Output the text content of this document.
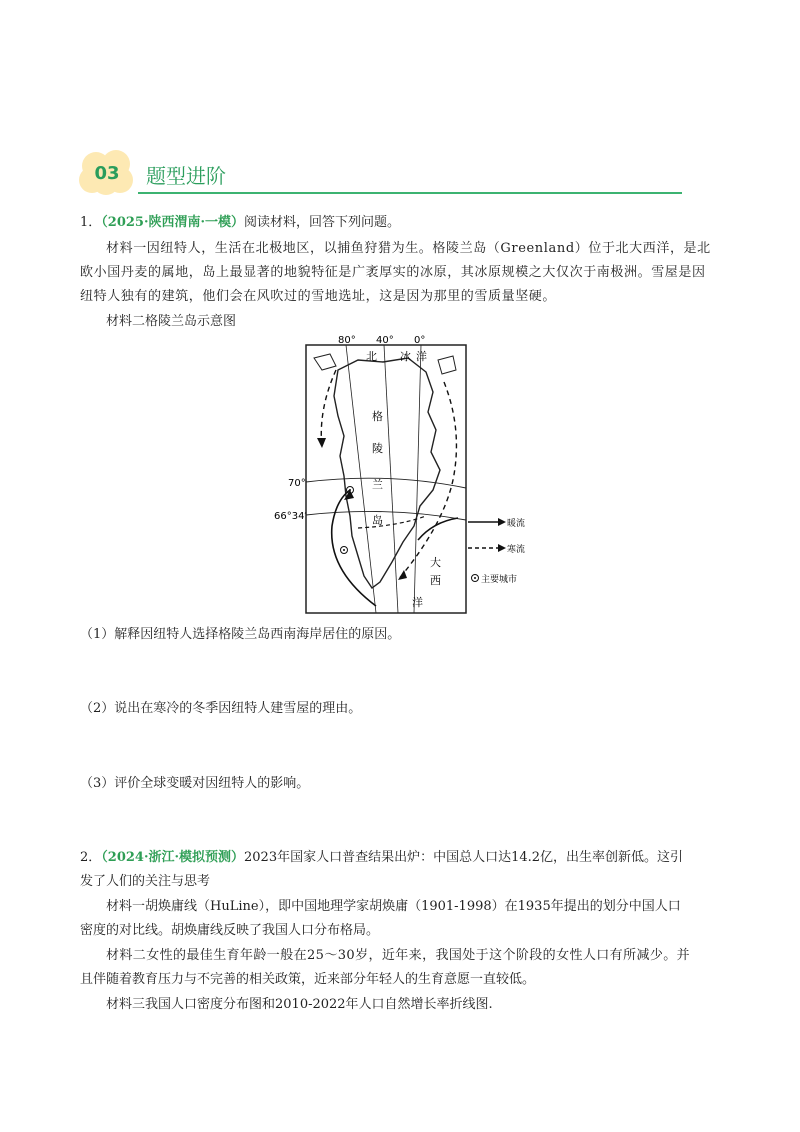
03	题型进阶
1．（2025·陕西渭南·一模）阅读材料，回答下列问题。
材料一因纽特人，生活在北极地区，以捕鱼狩猎为生。格陵兰岛（Greenland）位于北大西洋，是北
欧小国丹麦的属地，岛上最显著的地貌特征是广袤厚实的冰原，其冰原规模之大仅次于南极洲。雪屋是因
纽特人独有的建筑，他们会在风吹过的雪地选址，这是因为那里的雪质量坚硬。
材料二格陵兰岛示意图
80° 40° 0°
北 冰 洋
70°
66°34′
格
陵
兰
岛
大
西
洋
暖流
寒流
主要城市
（1）解释因纽特人选择格陵兰岛西南海岸居住的原因。
（2）说出在寒冷的冬季因纽特人建雪屋的理由。
（3）评价全球变暖对因纽特人的影响。
2．（2024·浙江·模拟预测）2023年国家人口普查结果出炉：中国总人口达14.2亿，出生率创新低。这引
发了人们的关注与思考
材料一胡焕庸线（HuLine），即中国地理学家胡焕庸（1901-1998）在1935年提出的划分中国人口
密度的对比线。胡焕庸线反映了我国人口分布格局。
材料二女性的最佳生育年龄一般在25～30岁，近年来，我国处于这个阶段的女性人口有所减少。并
且伴随着教育压力与不完善的相关政策，近来部分年轻人的生育意愿一直较低。
材料三我国人口密度分布图和2010-2022年人口自然增长率折线图.
